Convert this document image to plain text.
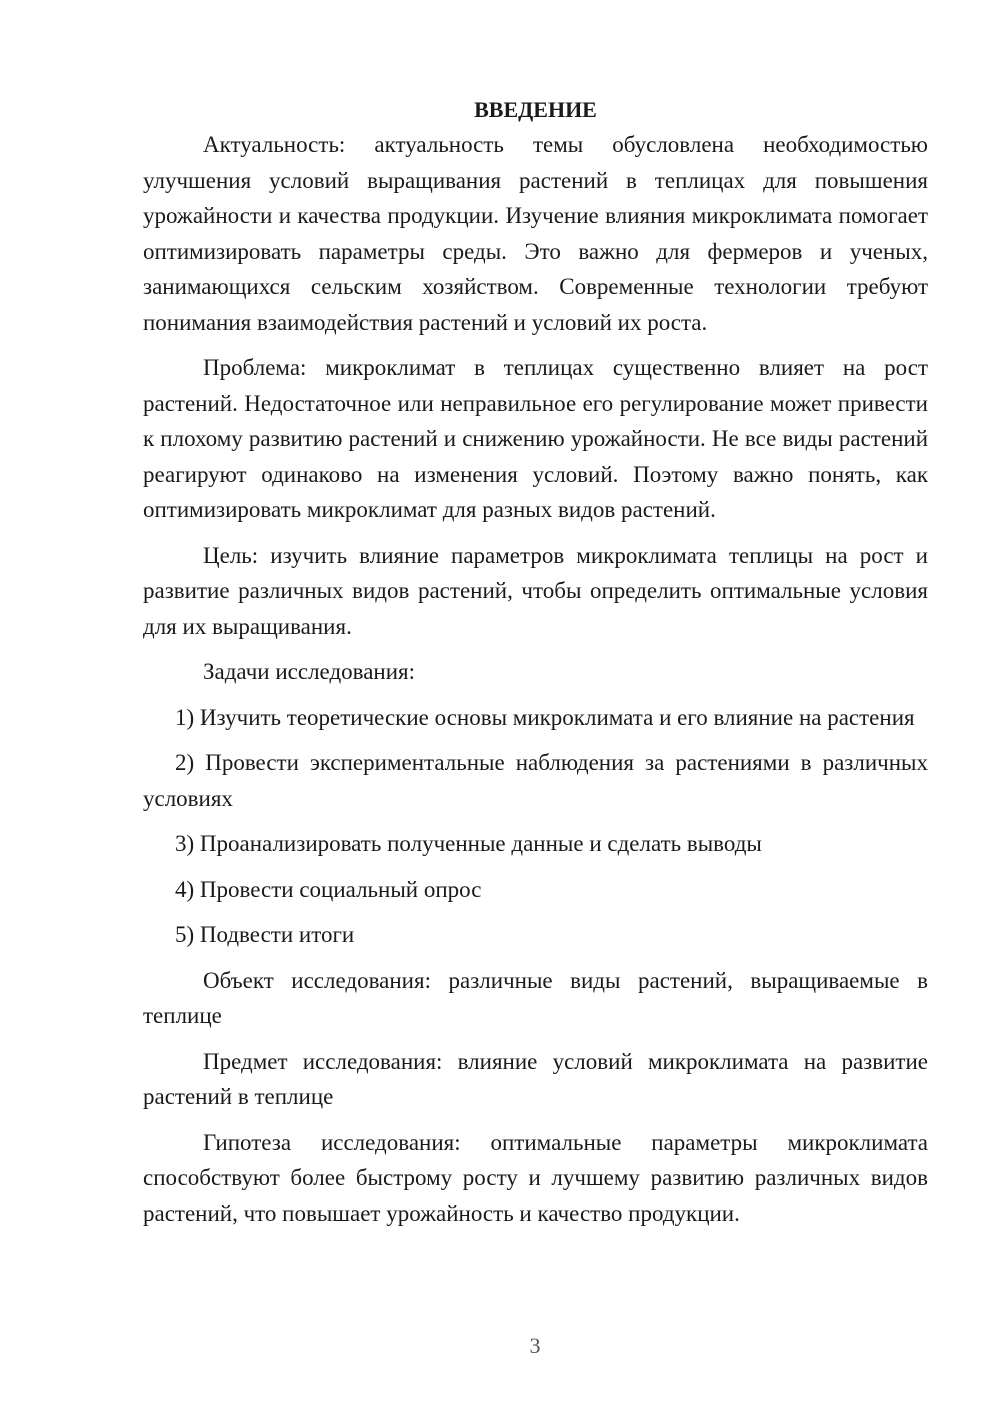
ВВЕДЕНИЕ

Актуальность: актуальность темы обусловлена необходимостью улучшения условий выращивания растений в теплицах для повышения урожайности и качества продукции. Изучение влияния микроклимата помогает оптимизировать параметры среды. Это важно для фермеров и ученых, занимающихся сельским хозяйством. Современные технологии требуют понимания взаимодействия растений и условий их роста.

Проблема: микроклимат в теплицах существенно влияет на рост растений. Недостаточное или неправильное его регулирование может привести к плохому развитию растений и снижению урожайности. Не все виды растений реагируют одинаково на изменения условий. Поэтому важно понять, как оптимизировать микроклимат для разных видов растений.

Цель: изучить влияние параметров микроклимата теплицы на рост и развитие различных видов растений, чтобы определить оптимальные условия для их выращивания.

Задачи исследования:

1) Изучить теоретические основы микроклимата и его влияние на растения

2) Провести экспериментальные наблюдения за растениями в различных условиях

3) Проанализировать полученные данные и сделать выводы

4) Провести социальный опрос

5) Подвести итоги

Объект исследования: различные виды растений, выращиваемые в теплице

Предмет исследования: влияние условий микроклимата на развитие растений в теплице

Гипотеза исследования: оптимальные параметры микроклимата способствуют более быстрому росту и лучшему развитию различных видов растений, что повышает урожайность и качество продукции.

3
